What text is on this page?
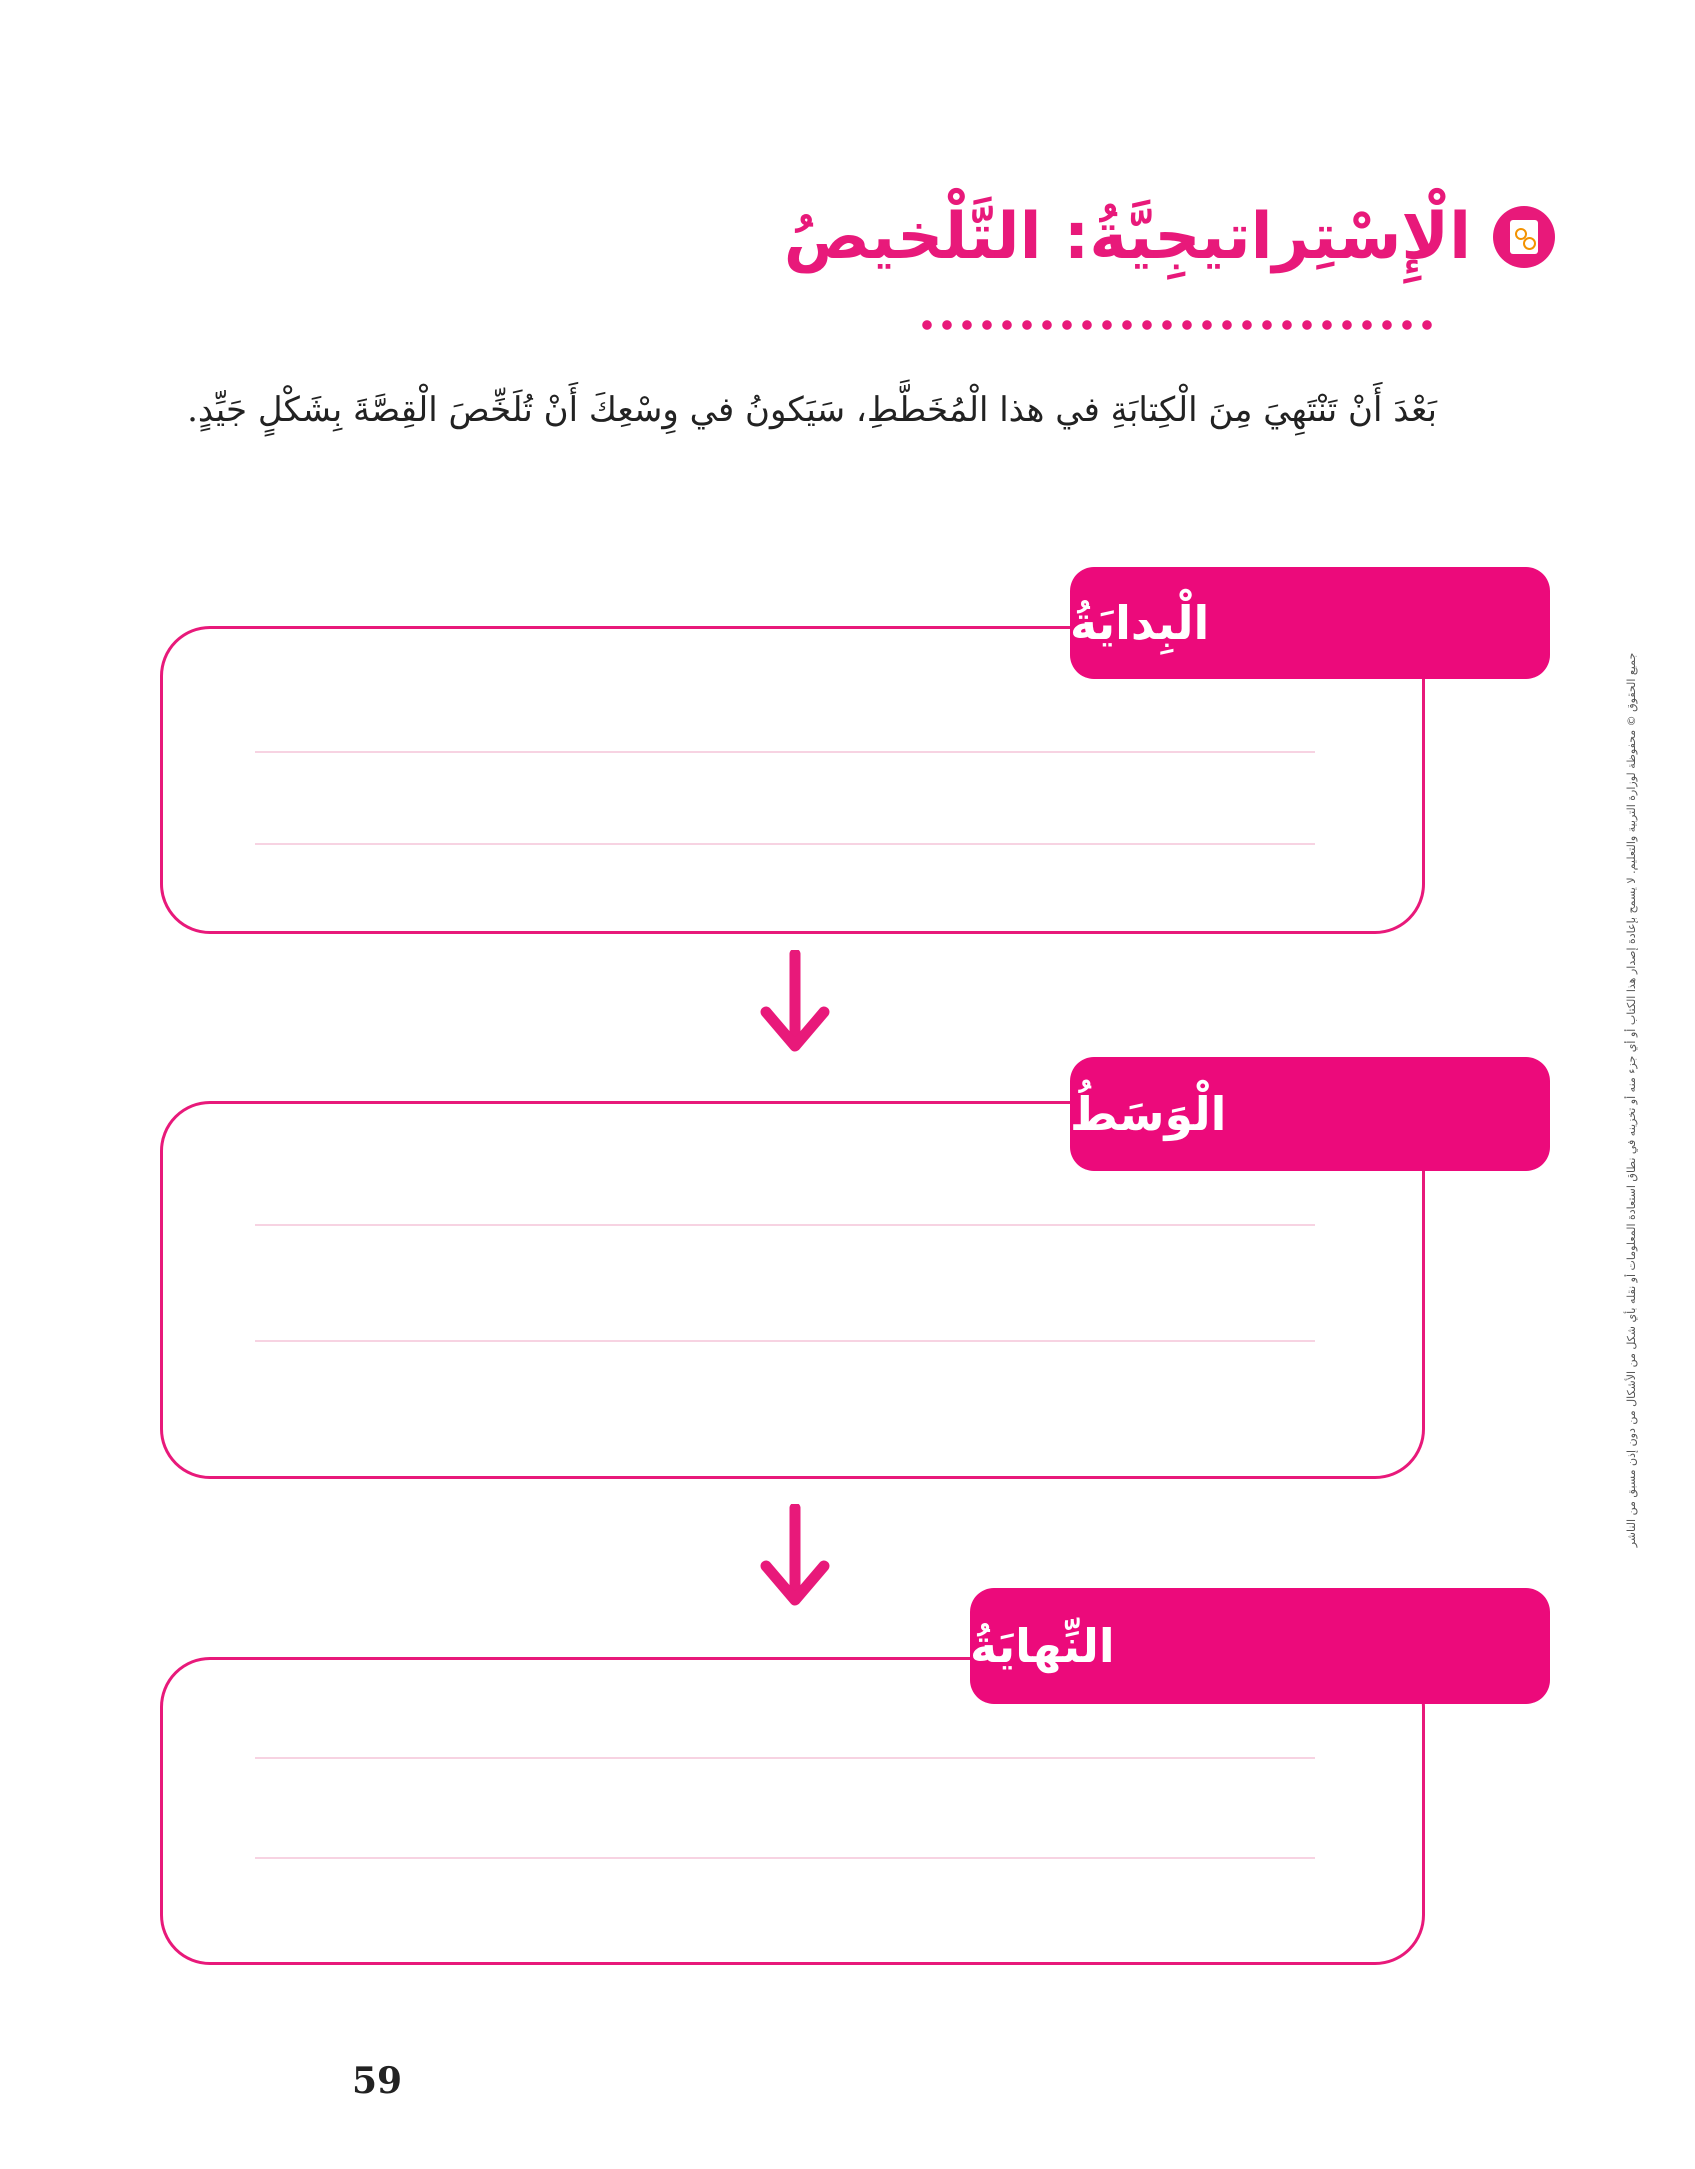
الْإِسْتِراتيجِيَّةُ: التَّلْخيصُ
بَعْدَ أَنْ تَنْتَهِيَ مِنَ الْكِتابَةِ في هذا الْمُخَطَّطِ، سَيَكونُ في وِسْعِكَ أَنْ تُلَخِّصَ الْقِصَّةَ بِشَكْلٍ جَيِّدٍ.
الْبِدايَةُ
الْوَسَطُ
النِّهايَةُ
59
جميع الحقوق © محفوظة لوزارة التربية والتعليم. لا يسمح بإعادة إصدار هذا الكتاب أو أي جزء منه أو تخزينه في نطاق استعادة المعلومات أو نقله بأي شكل من الأشكال من دون إذن مسبق من الناشر
